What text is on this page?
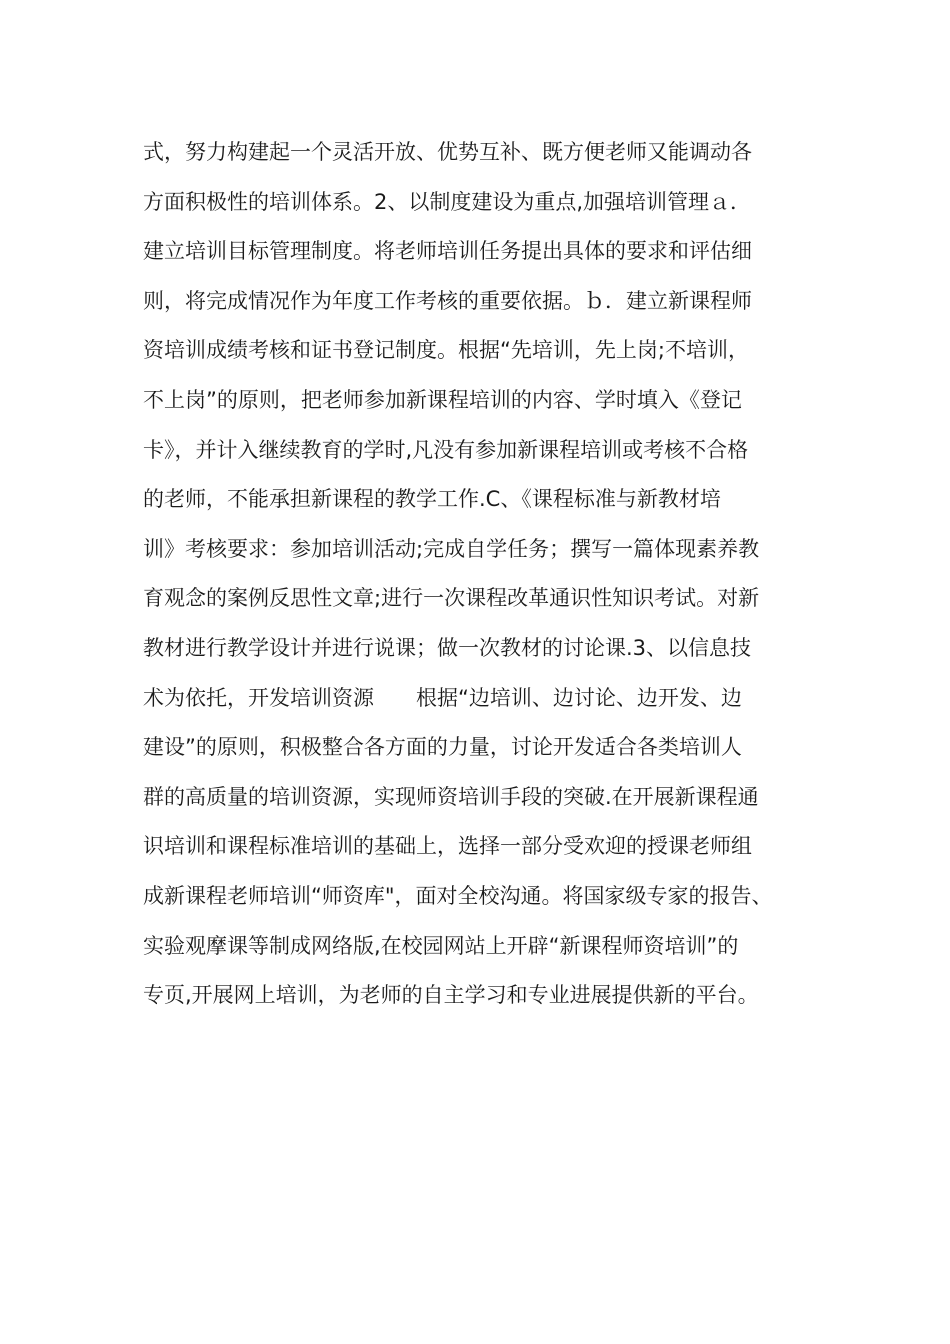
式，努力构建起一个灵活开放、优势互补、既方便老师又能调动各
方面积极性的培训体系。2、以制度建设为重点,加强培训管理ａ．
建立培训目标管理制度。将老师培训任务提出具体的要求和评估细
则，将完成情况作为年度工作考核的重要依据。ｂ．建立新课程师
资培训成绩考核和证书登记制度。根据“先培训，先上岗;不培训，
不上岗”的原则，把老师参加新课程培训的内容、学时填入《登记
卡》，并计入继续教育的学时,凡没有参加新课程培训或考核不合格
的老师，不能承担新课程的教学工作.C、《课程标准与新教材培
训》考核要求：参加培训活动;完成自学任务；撰写一篇体现素养教
育观念的案例反思性文章;进行一次课程改革通识性知识考试。对新
教材进行教学设计并进行说课；做一次教材的讨论课.3、以信息技
术为依托，开发培训资源　　根据“边培训、边讨论、边开发、边
建设”的原则，积极整合各方面的力量，讨论开发适合各类培训人
群的高质量的培训资源，实现师资培训手段的突破.在开展新课程通
识培训和课程标准培训的基础上，选择一部分受欢迎的授课老师组
成新课程老师培训“师资库"，面对全校沟通。将国家级专家的报告、
实验观摩课等制成网络版,在校园网站上开辟“新课程师资培训”的
专页,开展网上培训，为老师的自主学习和专业进展提供新的平台。
